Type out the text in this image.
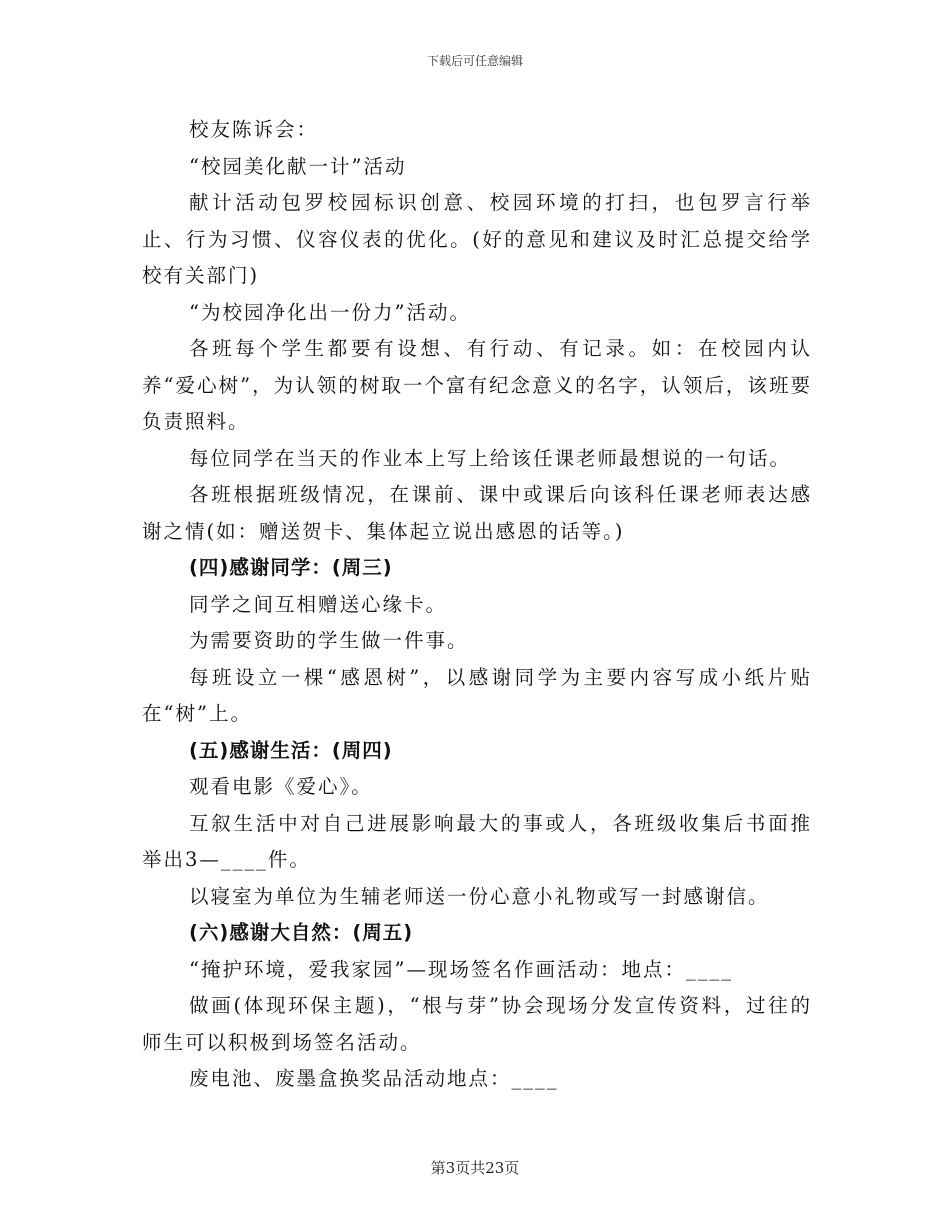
下载后可任意编辑

校友陈诉会：

“校园美化献一计”活动

献计活动包罗校园标识创意、校园环境的打扫，也包罗言行举止、行为习惯、仪容仪表的优化。(好的意见和建议及时汇总提交给学校有关部门)

“为校园净化出一份力”活动。

各班每个学生都要有设想、有行动、有记录。如：在校园内认养“爱心树”，为认领的树取一个富有纪念意义的名字，认领后，该班要负责照料。

每位同学在当天的作业本上写上给该任课老师最想说的一句话。

各班根据班级情况，在课前、课中或课后向该科任课老师表达感谢之情(如：赠送贺卡、集体起立说出感恩的话等。)

(四)感谢同学：(周三)

同学之间互相赠送心缘卡。

为需要资助的学生做一件事。

每班设立一棵“感恩树”，以感谢同学为主要内容写成小纸片贴在“树”上。

(五)感谢生活：(周四)

观看电影《爱心》。

互叙生活中对自己进展影响最大的事或人，各班级收集后书面推举出3—____件。

以寝室为单位为生辅老师送一份心意小礼物或写一封感谢信。

(六)感谢大自然：(周五)

“掩护环境，爱我家园”—现场签名作画活动：地点：____

做画(体现环保主题)，“根与芽”协会现场分发宣传资料，过往的师生可以积极到场签名活动。

废电池、废墨盒换奖品活动地点：____

第3页共23页
